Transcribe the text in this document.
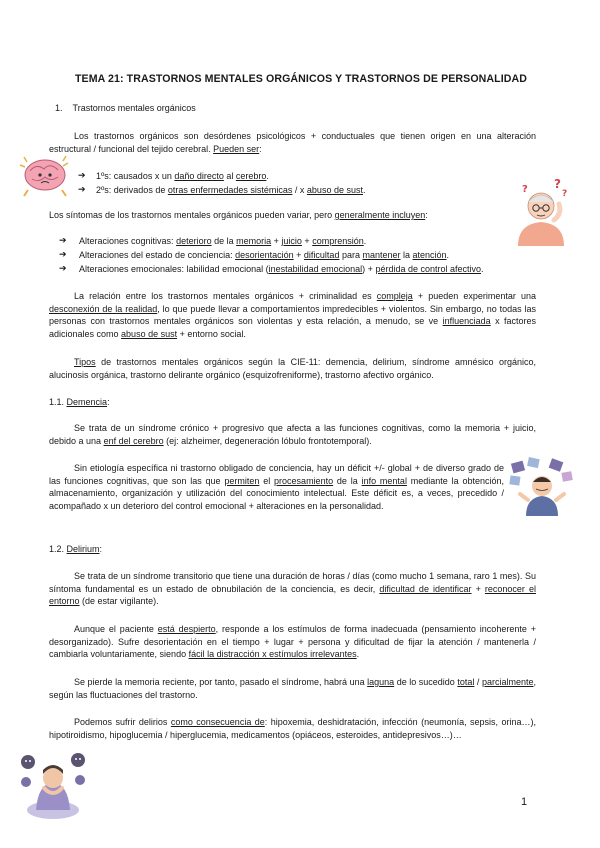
TEMA 21: TRASTORNOS MENTALES ORGÁNICOS Y TRASTORNOS DE PERSONALIDAD

1. Trastornos mentales orgánicos

Los trastornos orgánicos son desórdenes psicológicos + conductuales que tienen origen en una alteración estructural / funcional del tejido cerebral. Pueden ser:

➔ 1ºs: causados x un daño directo al cerebro.

➔ 2ºs: derivados de otras enfermedades sistémicas / x abuso de sust.	?
?
?

Los síntomas de los trastornos mentales orgánicos pueden variar, pero generalmente incluyen:

➔ Alteraciones cognitivas: deterioro de la memoria + juicio + comprensión.

➔ Alteraciones del estado de conciencia: desorientación + dificultad para mantener la atención.

➔ Alteraciones emocionales: labilidad emocional (inestabilidad emocional) + pérdida de control afectivo.

La relación entre los trastornos mentales orgánicos + criminalidad es compleja + pueden experimentar una desconexión de la realidad, lo que puede llevar a comportamientos impredecibles + violentos. Sin embargo, no todas las personas con trastornos mentales orgánicos son violentas y esta relación, a menudo, se ve influenciada x factores adicionales como abuso de sust + entorno social.

Tipos de trastornos mentales orgánicos según la CIE-11: demencia, delirium, síndrome amnésico orgánico, alucinosis orgánica, trastorno delirante orgánico (esquizofreniforme), trastorno afectivo orgánico.

1.1. Demencia:

Se trata de un síndrome crónico + progresivo que afecta a las funciones cognitivas, como la memoria + juicio, debido a una enf del cerebro (ej: alzheimer, degeneración lóbulo frontotemporal).

Sin etiología específica ni trastorno obligado de conciencia, hay un déficit +/- global + de diverso grado de las funciones cognitivas, que son las que permiten el procesamiento de la info mental mediante la obtención, almacenamiento, organización y utilización del conocimiento intelectual. Este déficit es, a veces, precedido / acompañado x un deterioro del control emocional + alteraciones en la personalidad.

1.2. Delirium:

Se trata de un síndrome transitorio que tiene una duración de horas / días (como mucho 1 semana, raro 1 mes). Su síntoma fundamental es un estado de obnubilación de la conciencia, es decir, dificultad de identificar + reconocer el entorno (de estar vigilante).

Aunque el paciente está despierto, responde a los estímulos de forma inadecuada (pensamiento incoherente + desorganizado). Sufre desorientación en el tiempo + lugar + persona y dificultad de fijar la atención / mantenerla / cambiarla voluntariamente, siendo fácil la distracción x estímulos irrelevantes.

Se pierde la memoria reciente, por tanto, pasado el síndrome, habrá una laguna de lo sucedido total / parcialmente, según las fluctuaciones del trastorno.

Podemos sufrir delirios como consecuencia de: hipoxemia, deshidratación, infección (neumonía, sepsis, orina…), hipotiroidismo, hipoglucemia / hiperglucemia, medicamentos (opiáceos, esteroides, antidepresivos…)…

1
